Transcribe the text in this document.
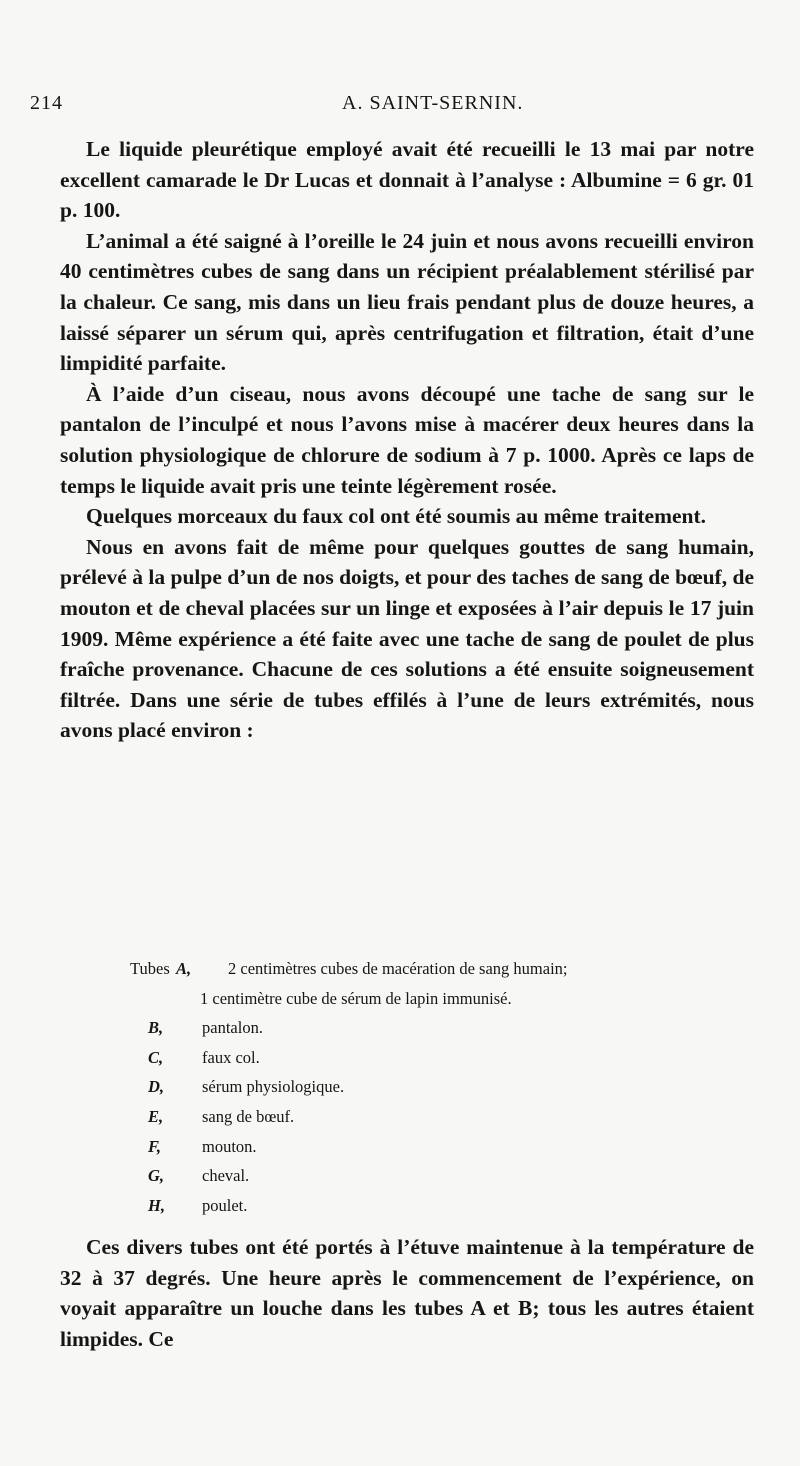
214	A. SAINT-SERNIN.

Le liquide pleurétique employé avait été recueilli le 13 mai par notre excellent camarade le Dr Lucas et donnait à l’analyse : Albumine = 6 gr. 01 p. 100.

L’animal a été saigné à l’oreille le 24 juin et nous avons recueilli environ 40 centimètres cubes de sang dans un récipient préalablement stérilisé par la chaleur. Ce sang, mis dans un lieu frais pendant plus de douze heures, a laissé séparer un sérum qui, après centrifugation et filtration, était d’une limpidité parfaite.

À l’aide d’un ciseau, nous avons découpé une tache de sang sur le pantalon de l’inculpé et nous l’avons mise à macérer deux heures dans la solution physiologique de chlorure de sodium à 7 p. 1000. Après ce laps de temps le liquide avait pris une teinte légèrement rosée.

Quelques morceaux du faux col ont été soumis au même traitement.

Nous en avons fait de même pour quelques gouttes de sang humain, prélevé à la pulpe d’un de nos doigts, et pour des taches de sang de bœuf, de mouton et de cheval placées sur un linge et exposées à l’air depuis le 17 juin 1909. Même expérience a été faite avec une tache de sang de poulet de plus fraîche provenance. Chacune de ces solutions a été ensuite soigneusement filtrée. Dans une série de tubes effilés à l’une de leurs extrémités, nous avons placé environ :

Tubes A, 2 centimètres cubes de macération de sang humain;
1 centimètre cube de sérum de lapin immunisé.
B, pantalon.
C, faux col.
D, sérum physiologique.
E, sang de bœuf.
F, mouton.
G, cheval.
H, poulet.

Ces divers tubes ont été portés à l’étuve maintenue à la température de 32 à 37 degrés. Une heure après le commencement de l’expérience, on voyait apparaître un louche dans les tubes A et B; tous les autres étaient limpides. Ce
